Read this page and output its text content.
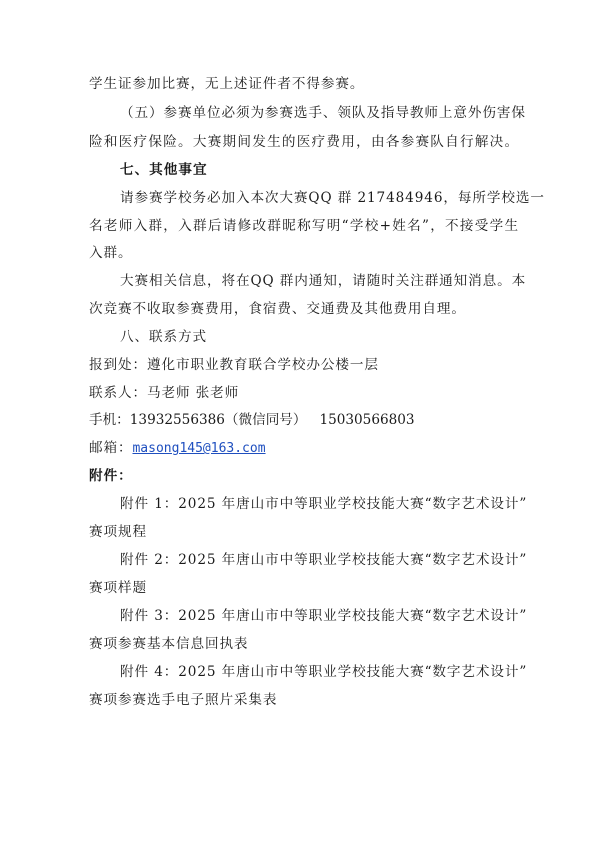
学生证参加比赛，无上述证件者不得参赛。
（五）参赛单位必须为参赛选手、领队及指导教师上意外伤害保
险和医疗保险。大赛期间发生的医疗费用，由各参赛队自行解决。
七、其他事宜
请参赛学校务必加入本次大赛QQ 群 217484946，每所学校选一
名老师入群，入群后请修改群昵称写明“学校+姓名”，不接受学生
入群。
大赛相关信息，将在QQ 群内通知，请随时关注群通知消息。本
次竞赛不收取参赛费用，食宿费、交通费及其他费用自理。
八、联系方式
报到处：遵化市职业教育联合学校办公楼一层
联系人：马老师 张老师
手机：13932556386（微信同号）   15030566803
邮箱：masong145@163.com
附件：
附件 1：2025 年唐山市中等职业学校技能大赛“数字艺术设计”
赛项规程
附件 2：2025 年唐山市中等职业学校技能大赛“数字艺术设计”
赛项样题
附件 3：2025 年唐山市中等职业学校技能大赛“数字艺术设计”
赛项参赛基本信息回执表
附件 4：2025 年唐山市中等职业学校技能大赛“数字艺术设计”
赛项参赛选手电子照片采集表
